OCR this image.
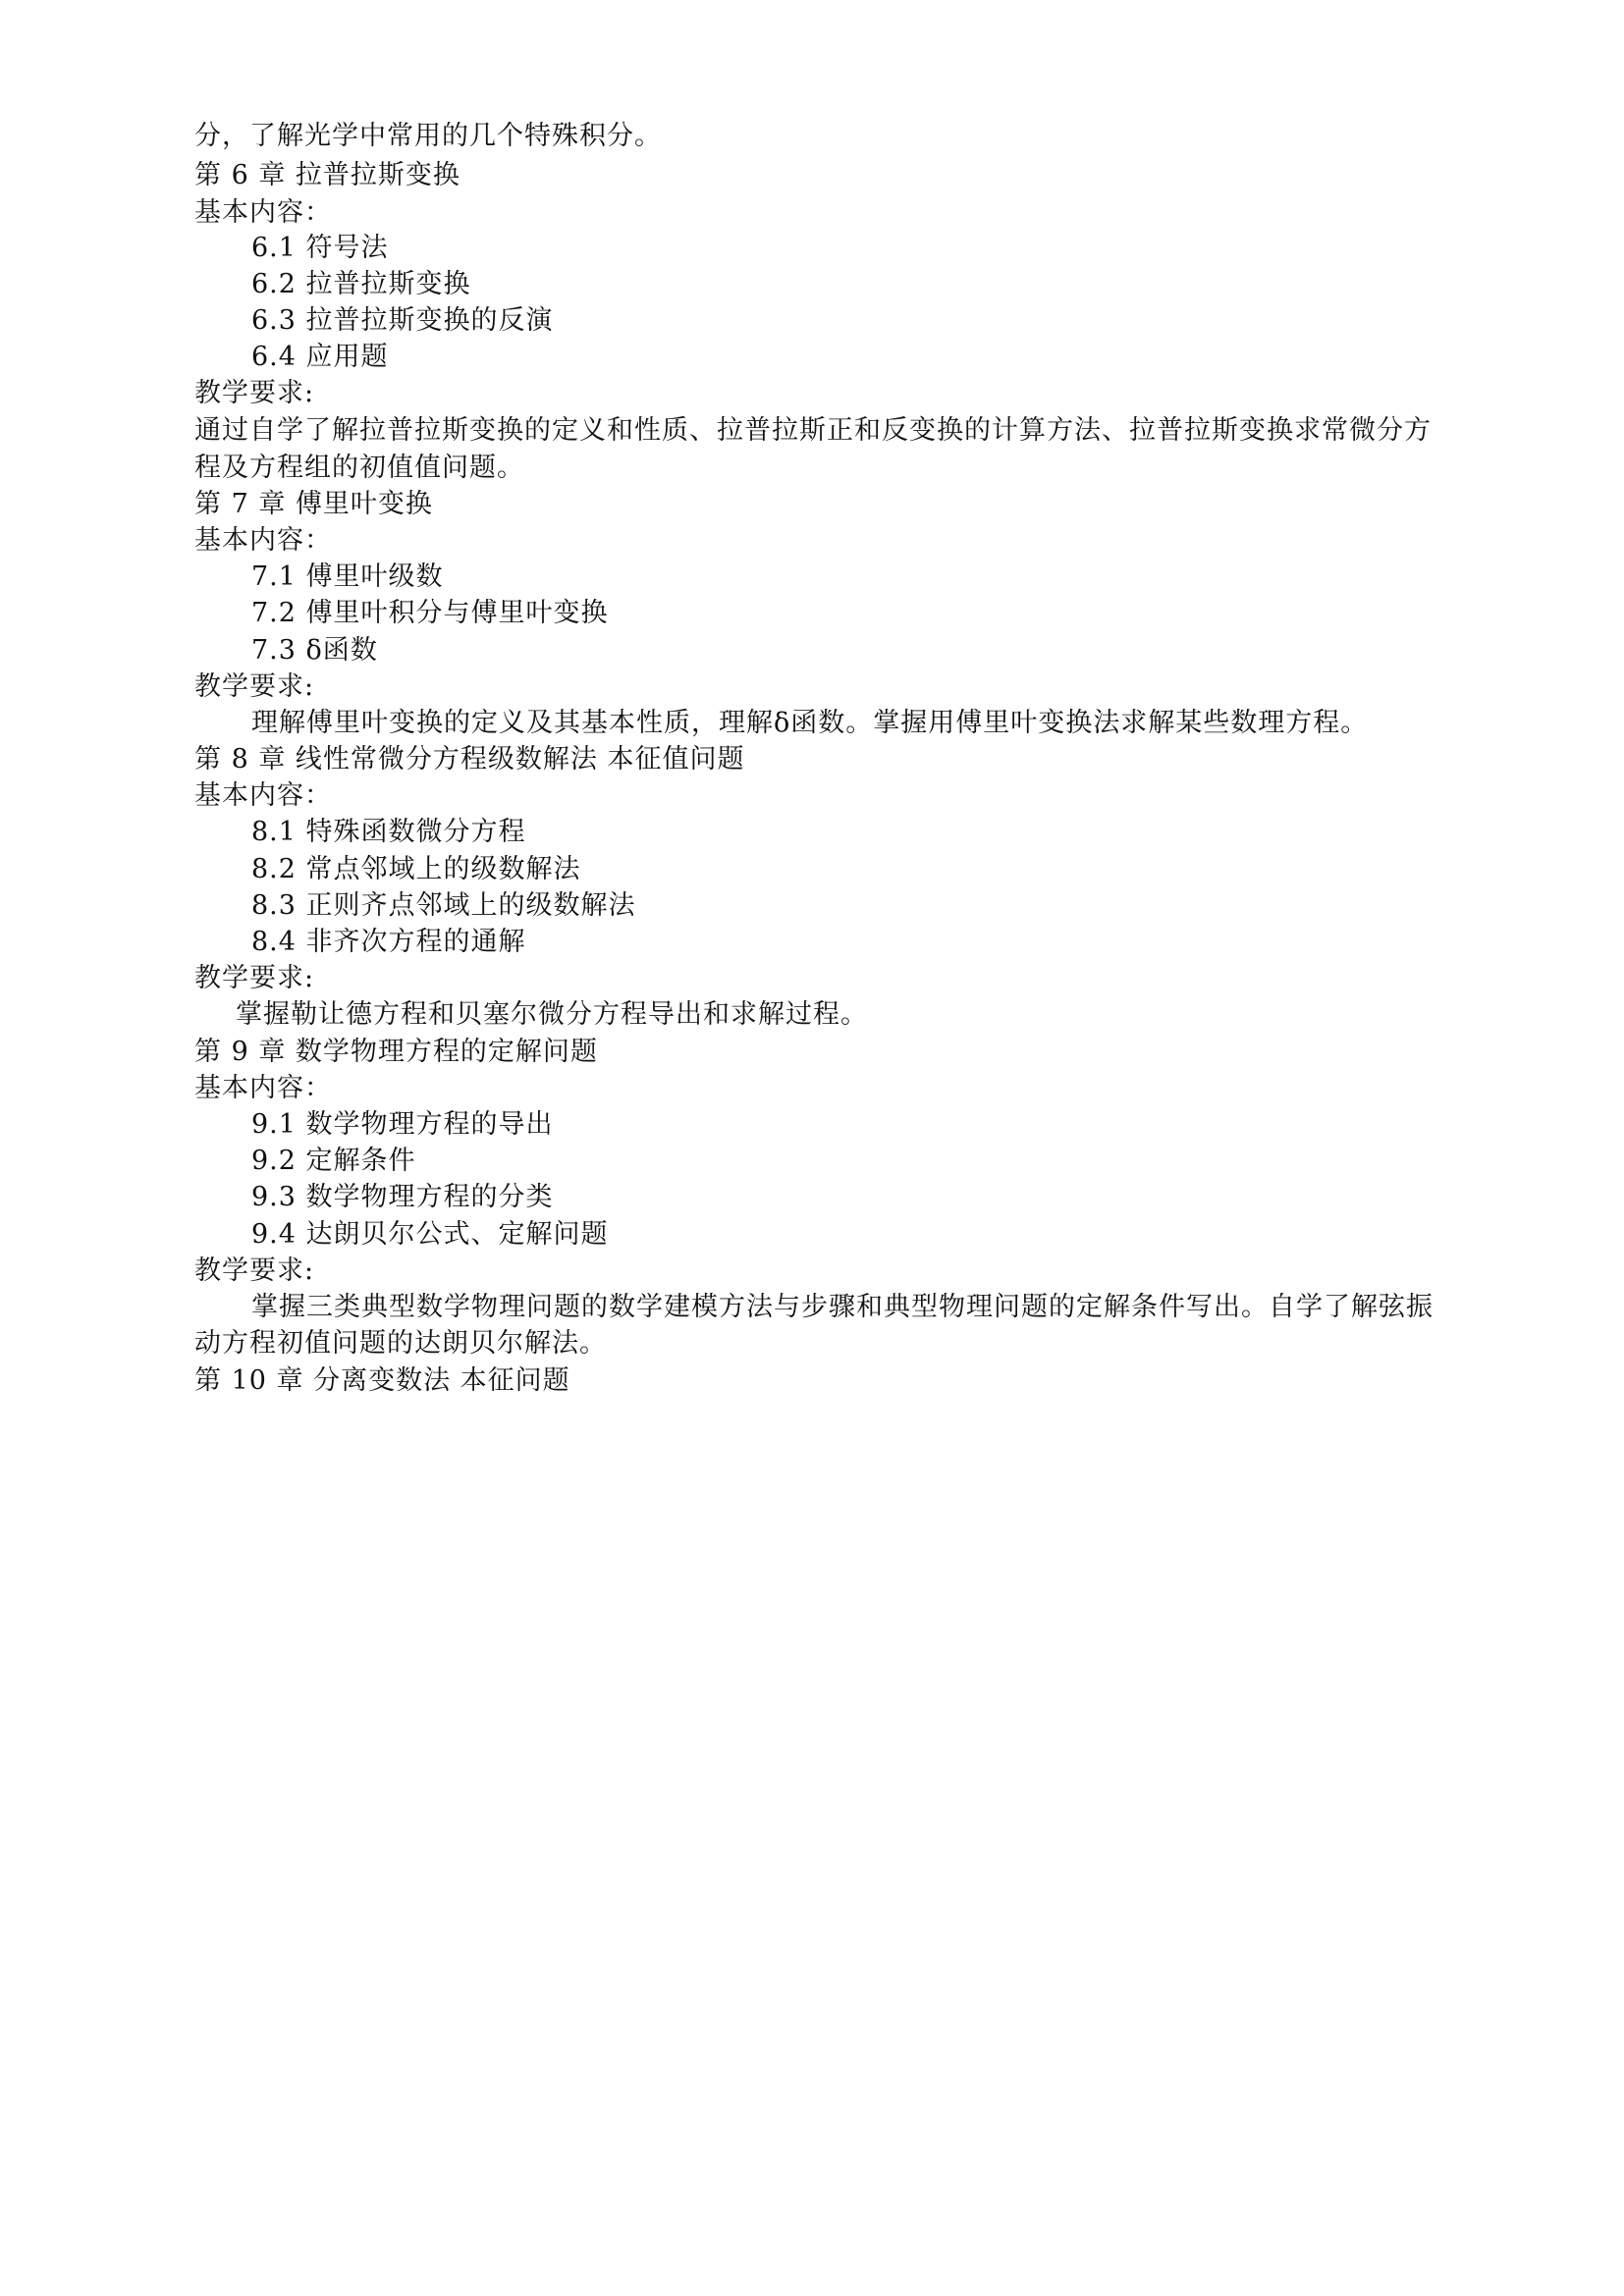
分，了解光学中常用的几个特殊积分。
第 6 章 拉普拉斯变换
基本内容：
6.1 符号法
6.2 拉普拉斯变换
6.3 拉普拉斯变换的反演
6.4 应用题
教学要求:
通过自学了解拉普拉斯变换的定义和性质、拉普拉斯正和反变换的计算方法、拉普拉斯变换求常微分方
程及方程组的初值值问题。
第 7 章 傅里叶变换
基本内容：
7.1 傅里叶级数
7.2 傅里叶积分与傅里叶变换
7.3 δ函数
教学要求:
理解傅里叶变换的定义及其基本性质，理解δ函数。掌握用傅里叶变换法求解某些数理方程。
第 8 章 线性常微分方程级数解法 本征值问题
基本内容：
8.1 特殊函数微分方程
8.2 常点邻域上的级数解法
8.3 正则齐点邻域上的级数解法
8.4 非齐次方程的通解
教学要求:
掌握勒让德方程和贝塞尔微分方程导出和求解过程。
第 9 章 数学物理方程的定解问题
基本内容：
9.1 数学物理方程的导出
9.2 定解条件
9.3 数学物理方程的分类
9.4 达朗贝尔公式、定解问题
教学要求:
掌握三类典型数学物理问题的数学建模方法与步骤和典型物理问题的定解条件写出。自学了解弦振
动方程初值问题的达朗贝尔解法。
第 10 章 分离变数法 本征问题
